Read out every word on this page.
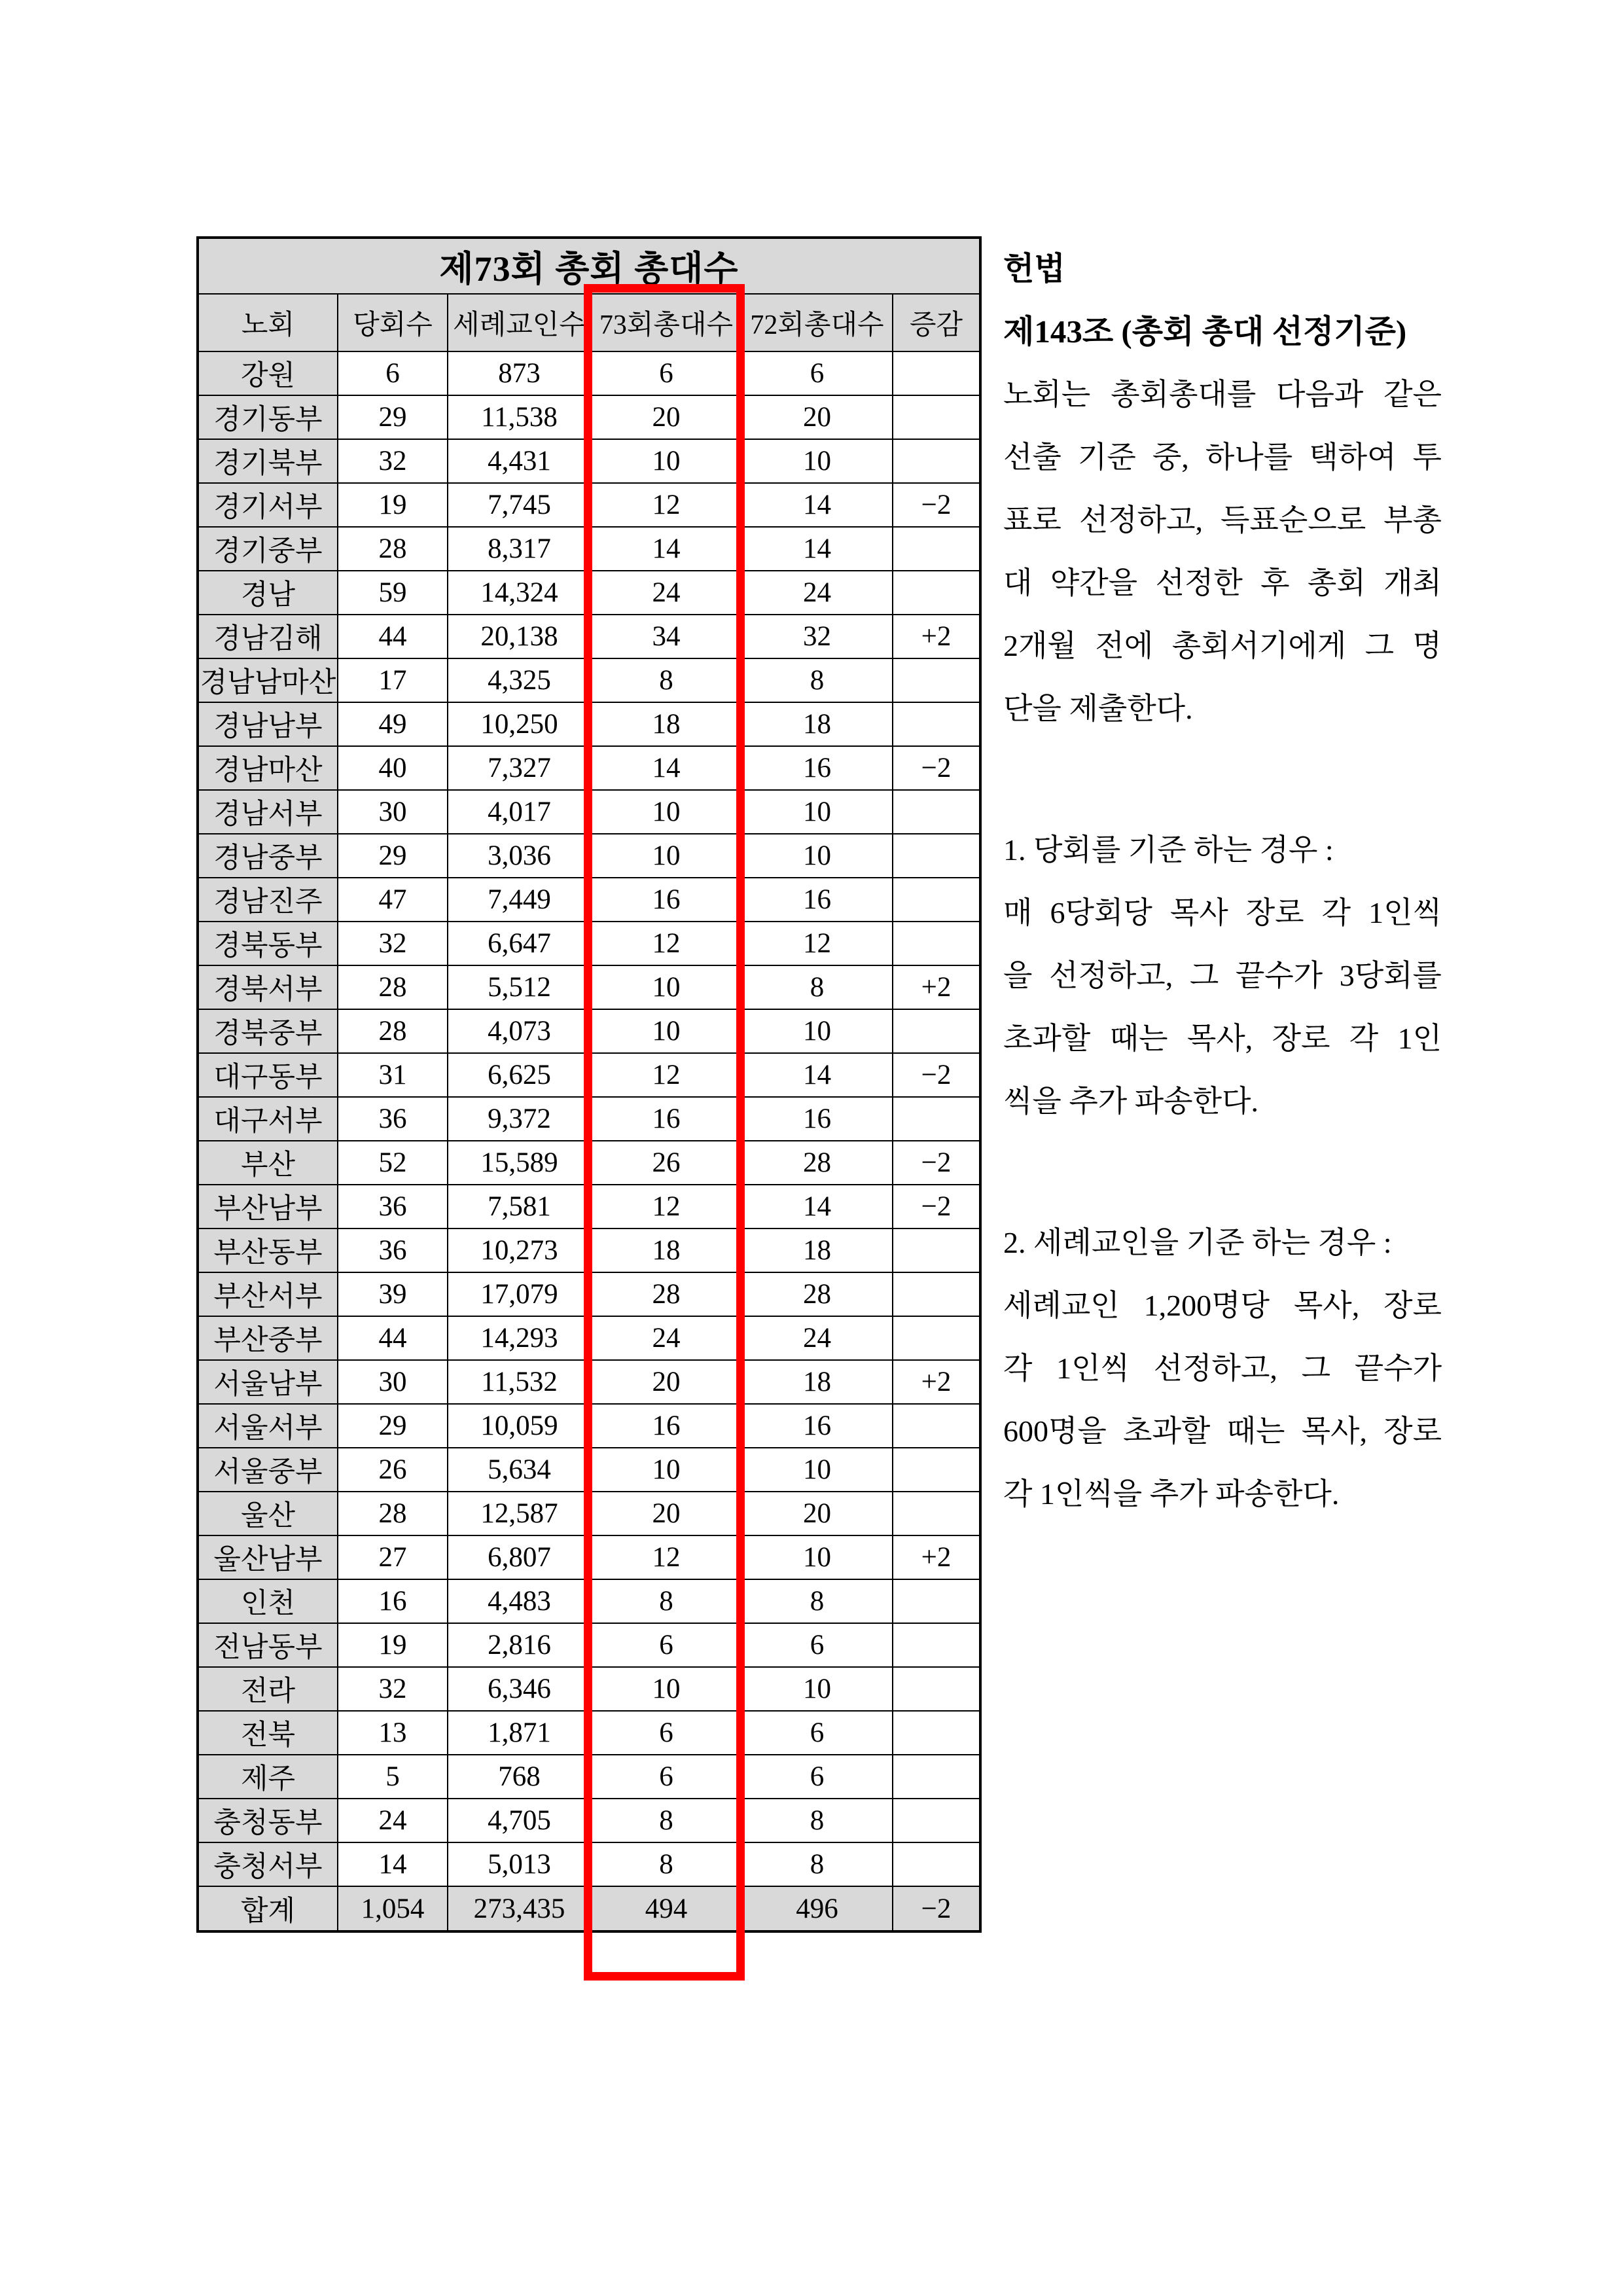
제73회 총회 총대수					
노회	당회수	세례교인수	73회총대수	72회총대수	증감
강원	6	873	6	6	
경기동부	29	11,538	20	20	
경기북부	32	4,431	10	10	
경기서부	19	7,745	12	14	−2
경기중부	28	8,317	14	14	
경남	59	14,324	24	24	
경남김해	44	20,138	34	32	+2
경남남마산	17	4,325	8	8	
경남남부	49	10,250	18	18	
경남마산	40	7,327	14	16	−2
경남서부	30	4,017	10	10	
경남중부	29	3,036	10	10	
경남진주	47	7,449	16	16	
경북동부	32	6,647	12	12	
경북서부	28	5,512	10	8	+2
경북중부	28	4,073	10	10	
대구동부	31	6,625	12	14	−2
대구서부	36	9,372	16	16	
부산	52	15,589	26	28	−2
부산남부	36	7,581	12	14	−2
부산동부	36	10,273	18	18	
부산서부	39	17,079	28	28	
부산중부	44	14,293	24	24	
서울남부	30	11,532	20	18	+2
서울서부	29	10,059	16	16	
서울중부	26	5,634	10	10	
울산	28	12,587	20	20	
울산남부	27	6,807	12	10	+2
인천	16	4,483	8	8	
전남동부	19	2,816	6	6	
전라	32	6,346	10	10	
전북	13	1,871	6	6	
제주	5	768	6	6	
충청동부	24	4,705	8	8	
충청서부	14	5,013	8	8	
합계	1,054	273,435	494	496	−2
헌법
제143조 (총회 총대 선정기준)
노회는 총회총대를 다음과 같은
선출 기준 중, 하나를 택하여 투
표로 선정하고, 득표순으로 부총
대 약간을 선정한 후 총회 개최
2개월 전에 총회서기에게 그 명
단을 제출한다.
1. 당회를 기준 하는 경우 :
매 6당회당 목사 장로 각 1인씩
을 선정하고, 그 끝수가 3당회를
초과할 때는 목사, 장로 각 1인
씩을 추가 파송한다.
2. 세례교인을 기준 하는 경우 :
세례교인 1,200명당 목사, 장로
각 1인씩 선정하고, 그 끝수가
600명을 초과할 때는 목사, 장로
각 1인씩을 추가 파송한다.
